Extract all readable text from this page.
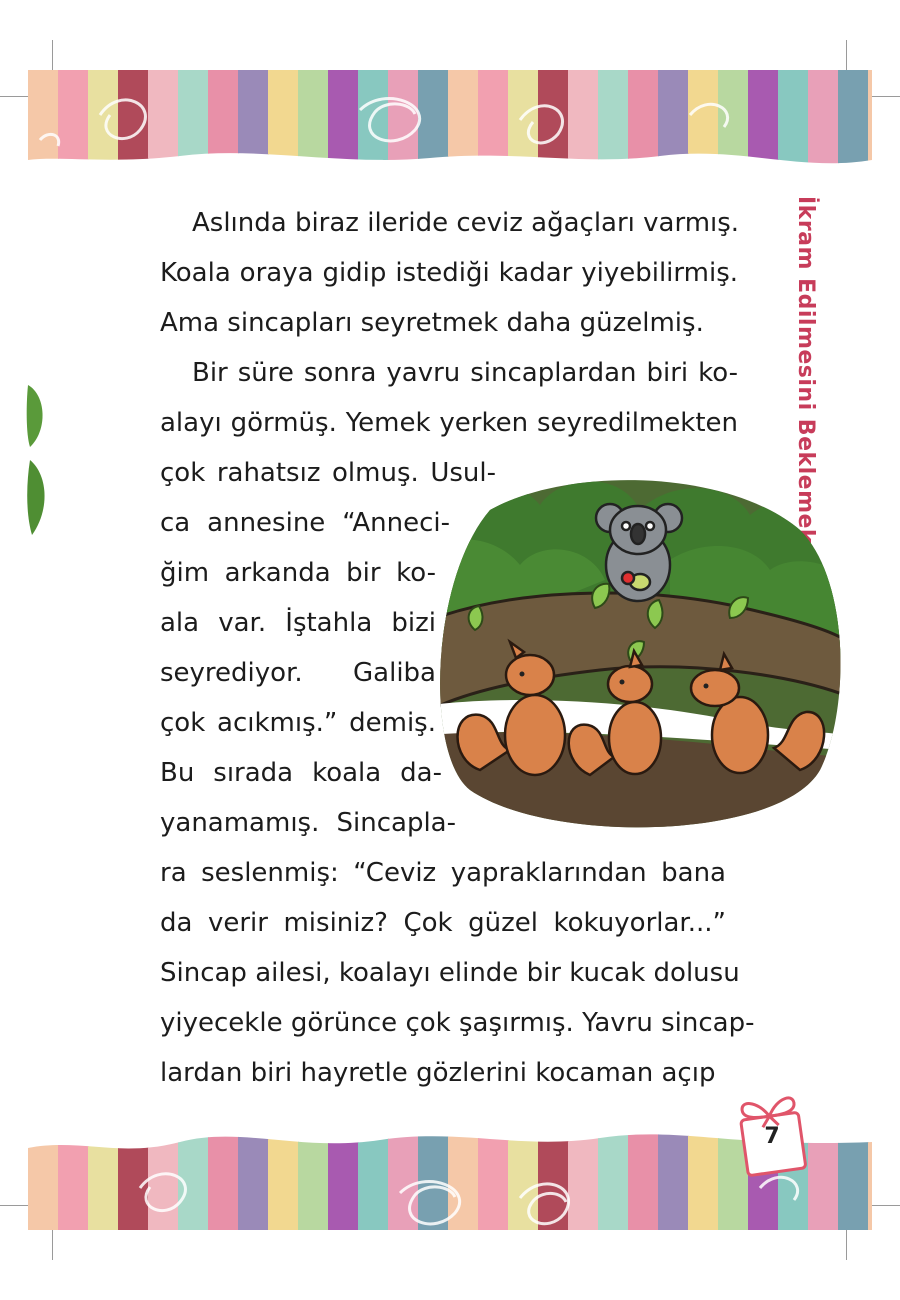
İkram Edilmesini Beklemek
Aslında biraz ileride ceviz ağaçları varmış.
Koala oraya gidip istediği kadar yiyebilirmiş.
Ama sincapları seyretmek daha güzelmiş.
Bir süre sonra yavru sincaplardan biri ko-
alayı görmüş. Yemek yerken seyredilmekten
çok rahatsız olmuş. Usul-
ca annesine “Anneci-
ğim arkanda bir ko-
ala var. İştahla bizi
seyrediyor. Galiba
çok acıkmış.” demiş.
Bu sırada koala da-
yanamamış. Sincapla-
ra seslenmiş: “Ceviz yapraklarından bana
da verir misiniz? Çok güzel kokuyorlar...”
Sincap ailesi, koalayı elinde bir kucak dolusu
yiyecekle görünce çok şaşırmış. Yavru sincap-
lardan biri hayretle gözlerini kocaman açıp
7
